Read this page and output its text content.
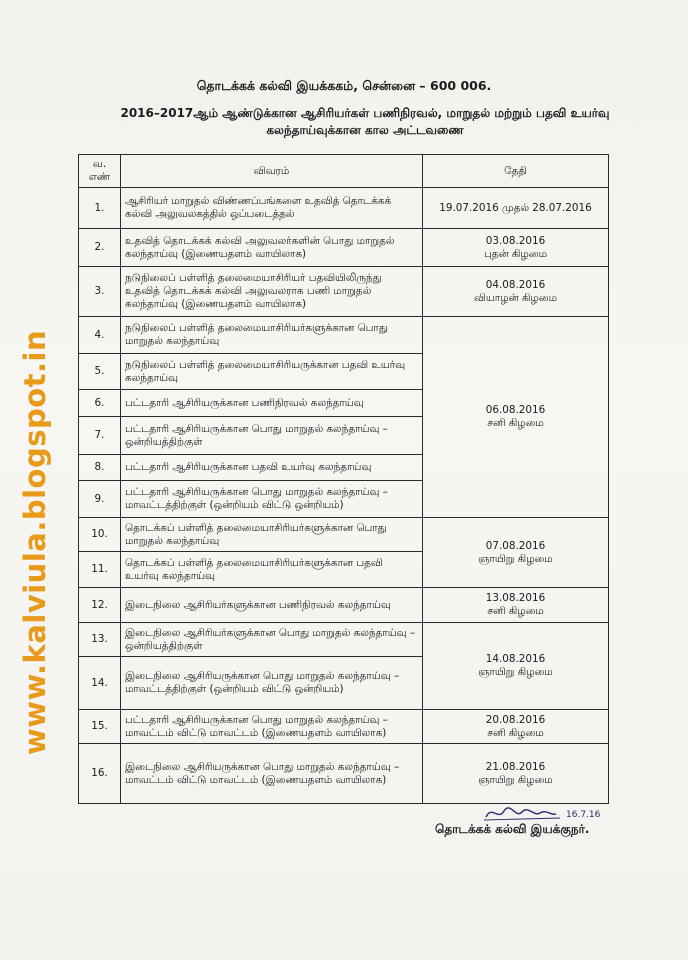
தொடக்கக் கல்வி இயக்ககம், சென்னை – 600 006.
2016–2017ஆம் ஆண்டுக்கான ஆசிரியர்கள் பணிநிரவல், மாறுதல் மற்றும் பதவி உயர்வு
கலந்தாய்வுக்கான கால அட்டவணை
www.kalviula.blogspot.in
வ.
எண்	விவரம்	தேதி
1.	ஆசிரியர் மாறுதல் விண்ணப்பங்களை உதவித் தொடக்கக் கல்வி அலுவலகத்தில் ஒப்படைத்தல்	19.07.2016 முதல் 28.07.2016
2.	உதவித் தொடக்கக் கல்வி அலுவலர்களின் பொது மாறுதல் கலந்தாய்வு (இணையதளம் வாயிலாக)	03.08.2016
புதன் கிழமை

3.	நடுநிலைப் பள்ளித் தலைமையாசிரியர் பதவியிலிருந்து உதவித் தொடக்கக் கல்வி அலுவலராக பணி மாறுதல் கலந்தாய்வு (இணையதளம் வாயிலாக)	04.08.2016
வியாழன் கிழமை

4.	நடுநிலைப் பள்ளித் தலைமையாசிரியர்களுக்கான பொது மாறுதல் கலந்தாய்வு	06.08.2016
சனி கிழமை

5.	நடுநிலைப் பள்ளித் தலைமையாசிரியருக்கான பதவி உயர்வு கலந்தாய்வு	
6.	பட்டதாரி ஆசிரியருக்கான பணிநிரவல் கலந்தாய்வு	
7.	பட்டதாரி ஆசிரியருக்கான பொது மாறுதல் கலந்தாய்வு – ஒன்றியத்திற்குள்	
8.	பட்டதாரி ஆசிரியருக்கான பதவி உயர்வு கலந்தாய்வு	
9.	பட்டதாரி ஆசிரியருக்கான பொது மாறுதல் கலந்தாய்வு – மாவட்டத்திற்குள் (ஒன்றியம் விட்டு ஒன்றியம்)	
10.	தொடக்கப் பள்ளித் தலைமையாசிரியர்களுக்கான பொது மாறுதல் கலந்தாய்வு	07.08.2016
ஞாயிறு கிழமை

11.	தொடக்கப் பள்ளித் தலைமையாசிரியர்களுக்கான பதவி உயர்வு கலந்தாய்வு	
12.	இடைநிலை ஆசிரியர்களுக்கான பணிநிரவல் கலந்தாய்வு	13.08.2016
சனி கிழமை

13.	இடைநிலை ஆசிரியர்களுக்கான பொது மாறுதல் கலந்தாய்வு – ஒன்றியத்திற்குள்	14.08.2016
ஞாயிறு கிழமை

14.	இடைநிலை ஆசிரியருக்கான பொது மாறுதல் கலந்தாய்வு – மாவட்டத்திற்குள் (ஒன்றியம் விட்டு ஒன்றியம்)	
15.	பட்டதாரி ஆசிரியருக்கான பொது மாறுதல் கலந்தாய்வு – மாவட்டம் விட்டு மாவட்டம் (இணையதளம் வாயிலாக)	20.08.2016
சனி கிழமை

16.	இடைநிலை ஆசிரியருக்கான பொது மாறுதல் கலந்தாய்வு – மாவட்டம் விட்டு மாவட்டம் (இணையதளம் வாயிலாக)	21.08.2016
ஞாயிறு கிழமை
16.7.16
தொடக்கக் கல்வி இயக்குநர்.
